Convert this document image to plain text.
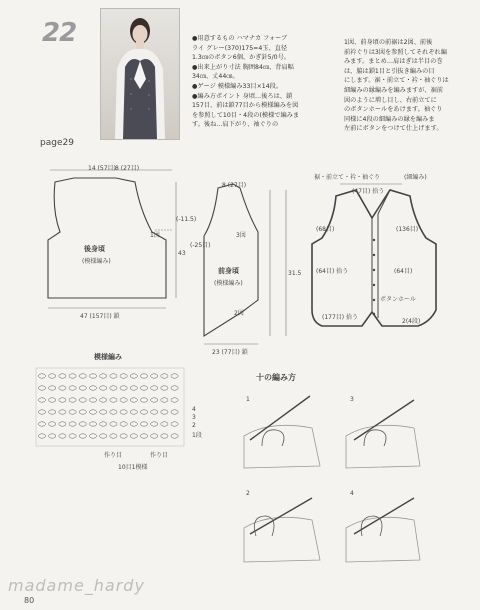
22
page29
●用意するもの ハマナカ フォーブ
ライ グレー(370)175=4玉、直径
1.3㎝のボタン6個、かぎ針5/0号。
●出来上がり寸法 胸囲84㎝、背肩幅
34㎝、丈44㎝。
●ゲージ 模様編み33目×14段。
●編み方ポイント 身頃…後ろは、鎖
157目、前は鎖77目から模様編みを図
を参照して10目・4段の(模様で編みま
す。後ね…肩下がり、袖ぐりの
1図、前身頃の前裾は2図、前後
前衿ぐりは3図を参照してそれぞれ編
みます。まとめ…肩はぎは半目の巻
は、脇は鎖1目と引抜き編みの目
にします。裾・前立て・衿・袖ぐりは
細編みの縁編みを編みますが、裾前
図のように増し目し、右前立てに
のボタンホールをあけます。袖ぐり
同様に4段の細編みの縁を編みま
左前にボタンをつけて仕上げます。
14 (57目)
1図
後身頃
(模様編み)
47 (157目) 鎖
43
(-11.5)
8 (27目)
3図
(-25目)
前身頃
(模様編み)
2図
23 (77目) 鎖
31.5
8 (27目)
裾・前立て・衿・袖ぐり	(細編み)
(47目) 拾う
(68目)	(136目)
(64目) 拾う	(64目)
ボタンホール
2(4段)
(177目) 拾う
模様編み
4
3
2
1段
作り目	作り目
10目1模様
十の編み方
1	3
2	4
madame_hardy
80
